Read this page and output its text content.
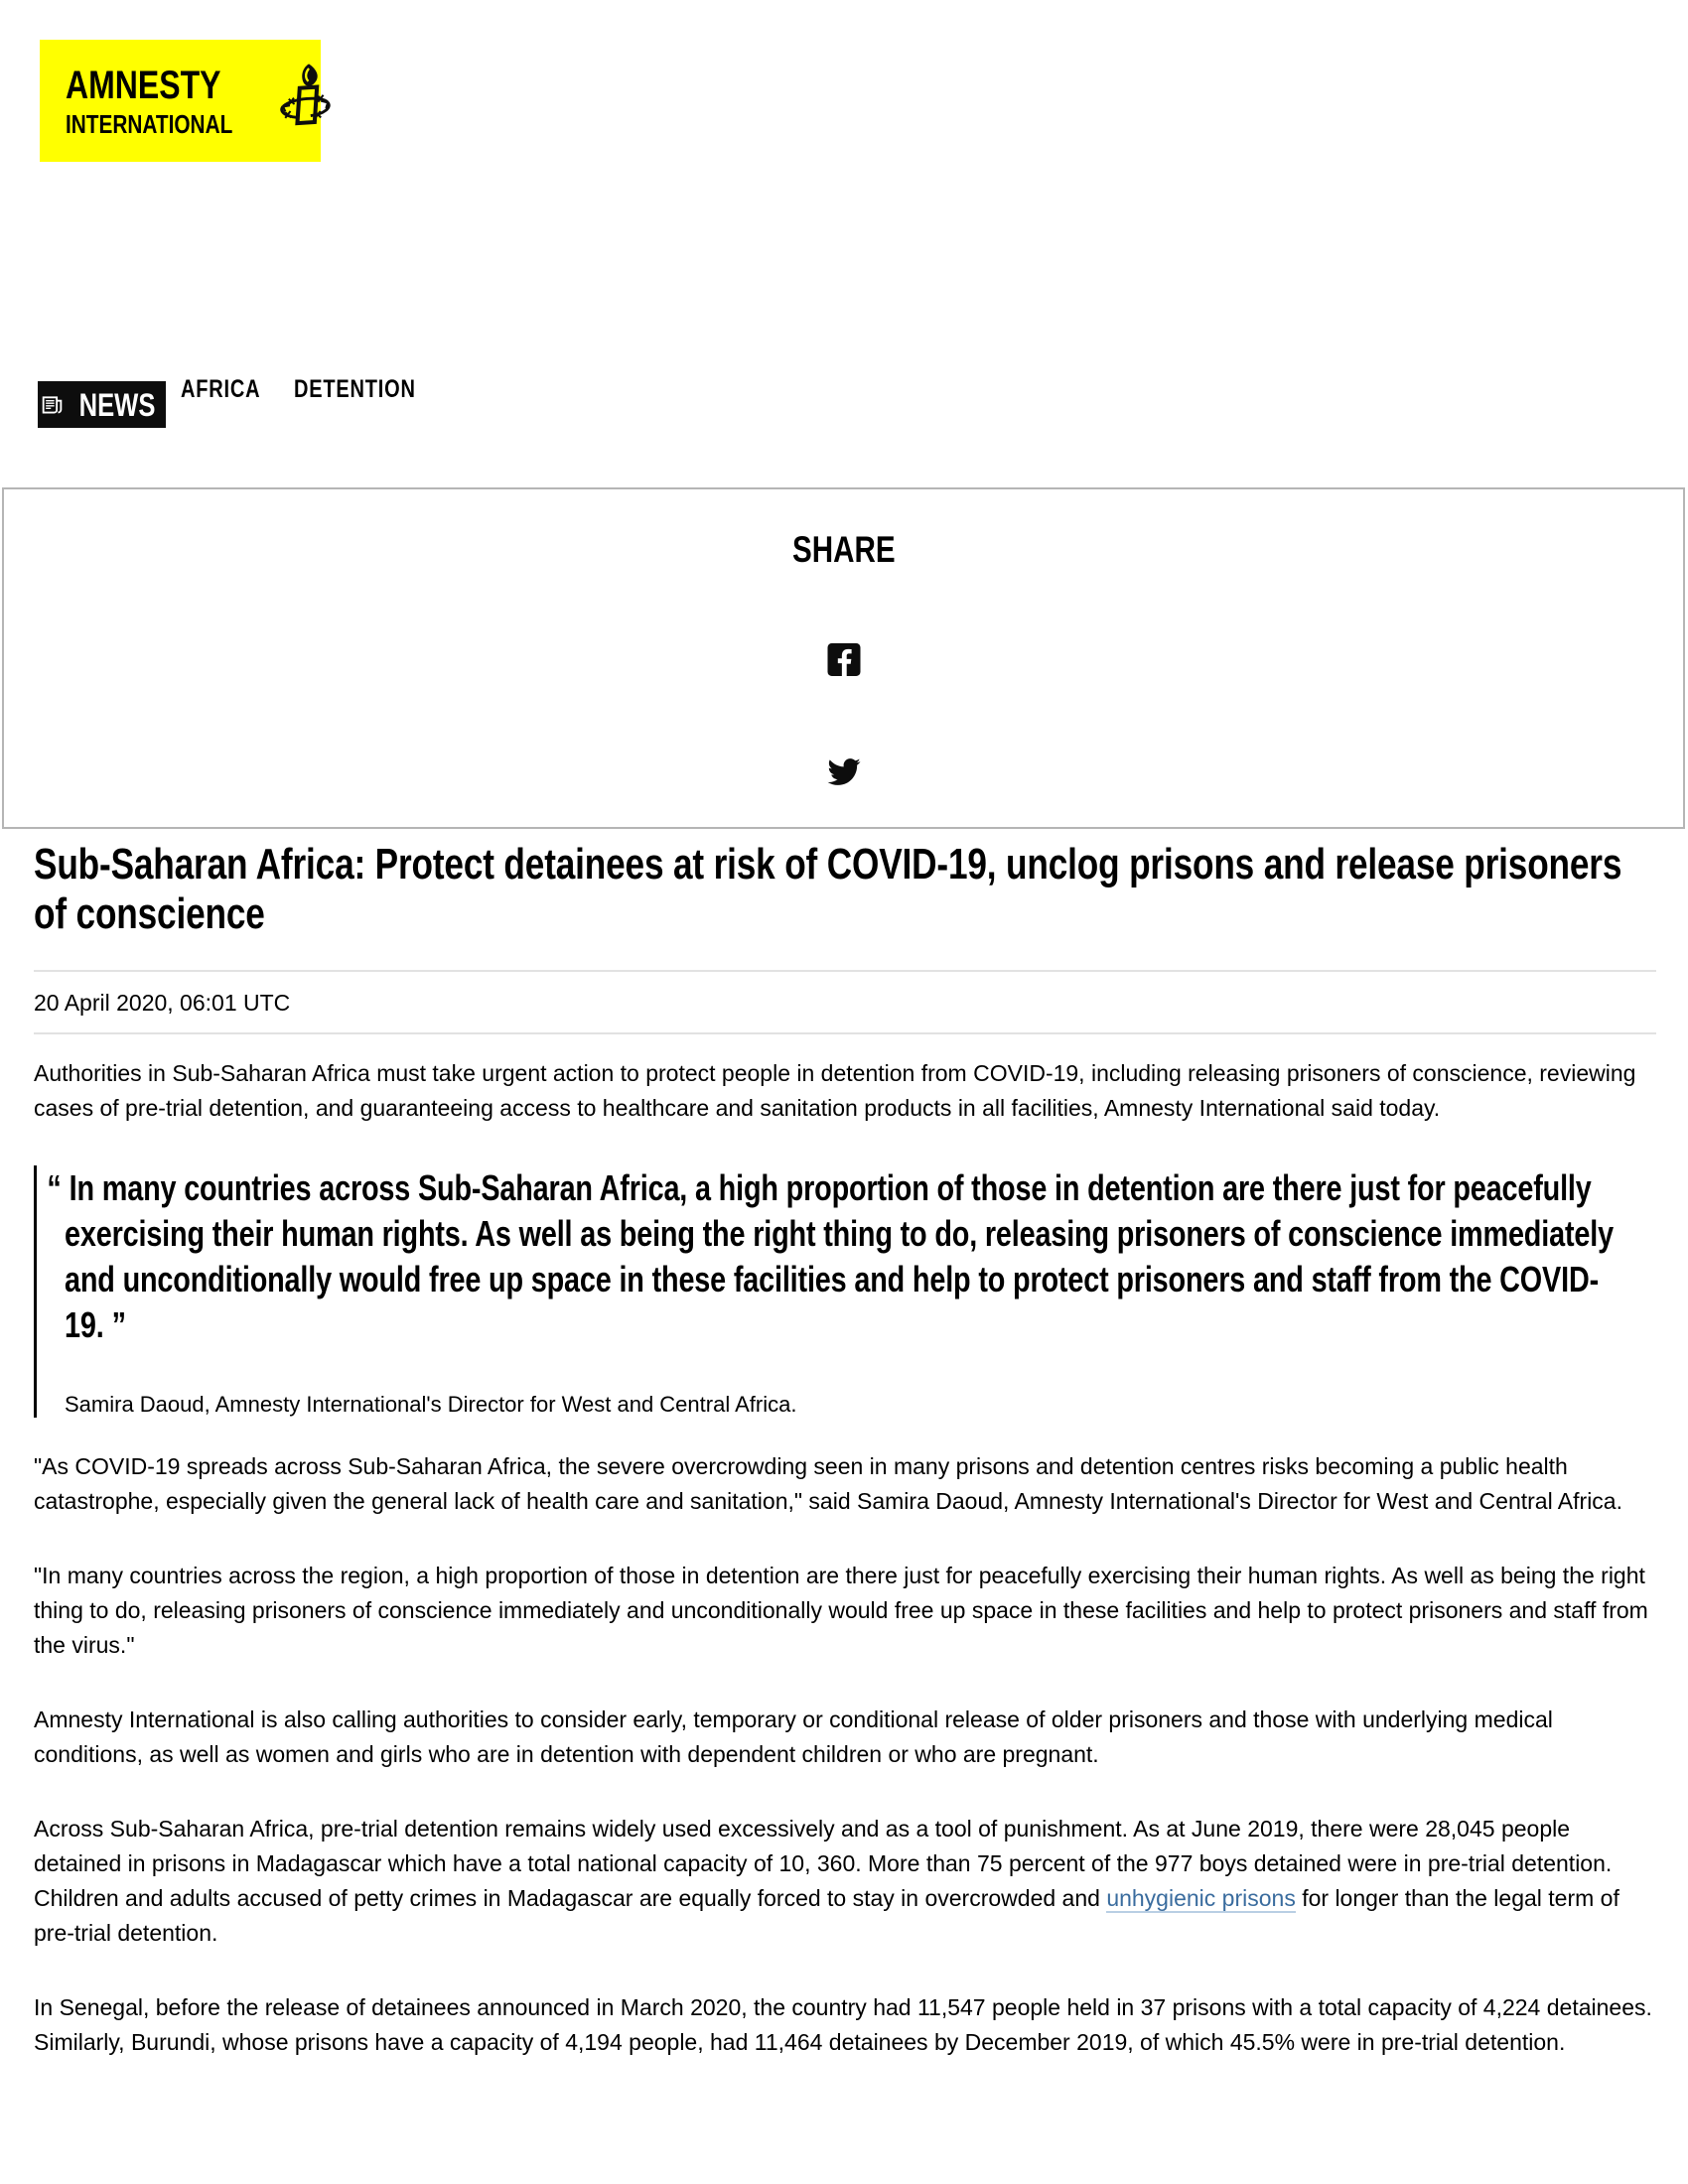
AMNESTY
INTERNATIONAL
NEWS	AFRICA	DETENTION
SHARE
Sub-Saharan Africa: Protect detainees at risk of COVID-19, unclog prisons and release prisoners of conscience
20 April 2020, 06:01 UTC

Authorities in Sub-Saharan Africa must take urgent action to protect people in detention from COVID-19, including releasing prisoners of conscience, reviewing cases of pre-trial detention, and guaranteeing access to healthcare and sanitation products in all facilities, Amnesty International said today.

“ In many countries across Sub-Saharan Africa, a high proportion of those in detention are there just for peacefully exercising their human rights. As well as being the right thing to do, releasing prisoners of conscience immediately and unconditionally would free up space in these facilities and help to protect prisoners and staff from the COVID-19. ”
Samira Daoud, Amnesty International's Director for West and Central Africa.

"As COVID-19 spreads across Sub-Saharan Africa, the severe overcrowding seen in many prisons and detention centres risks becoming a public health catastrophe, especially given the general lack of health care and sanitation," said Samira Daoud, Amnesty International's Director for West and Central Africa.

"In many countries across the region, a high proportion of those in detention are there just for peacefully exercising their human rights. As well as being the right thing to do, releasing prisoners of conscience immediately and unconditionally would free up space in these facilities and help to protect prisoners and staff from the virus."

Amnesty International is also calling authorities to consider early, temporary or conditional release of older prisoners and those with underlying medical conditions, as well as women and girls who are in detention with dependent children or who are pregnant.

Across Sub-Saharan Africa, pre-trial detention remains widely used excessively and as a tool of punishment. As at June 2019, there were 28,045 people detained in prisons in Madagascar which have a total national capacity of 10, 360. More than 75 percent of the 977 boys detained were in pre-trial detention. Children and adults accused of petty crimes in Madagascar are equally forced to stay in overcrowded and unhygienic prisons for longer than the legal term of pre-trial detention.

In Senegal, before the release of detainees announced in March 2020, the country had 11,547 people held in 37 prisons with a total capacity of 4,224 detainees. Similarly, Burundi, whose prisons have a capacity of 4,194 people, had 11,464 detainees by December 2019, of which 45.5% were in pre-trial detention.
